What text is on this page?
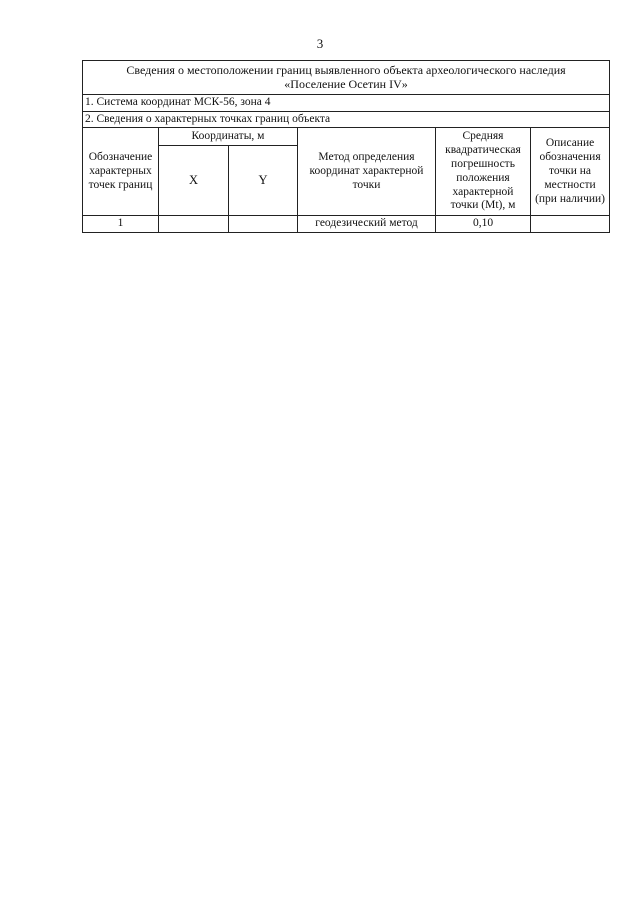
3
Сведения о местоположении границ выявленного объекта археологического наследия
«Поселение Осетин IV»					

1. Система координат МСК-56, зона 4					
2. Сведения о характерных точках границ объекта					
Обозначение характерных точек границ	Координаты, м		Метод определения координат характерной точки	Средняя квадратическая погрешность положения характерной точки (Mt), м	Описание обозначения точки на местности (при наличии)
	X	Y			
1			геодезический метод	0,10	
